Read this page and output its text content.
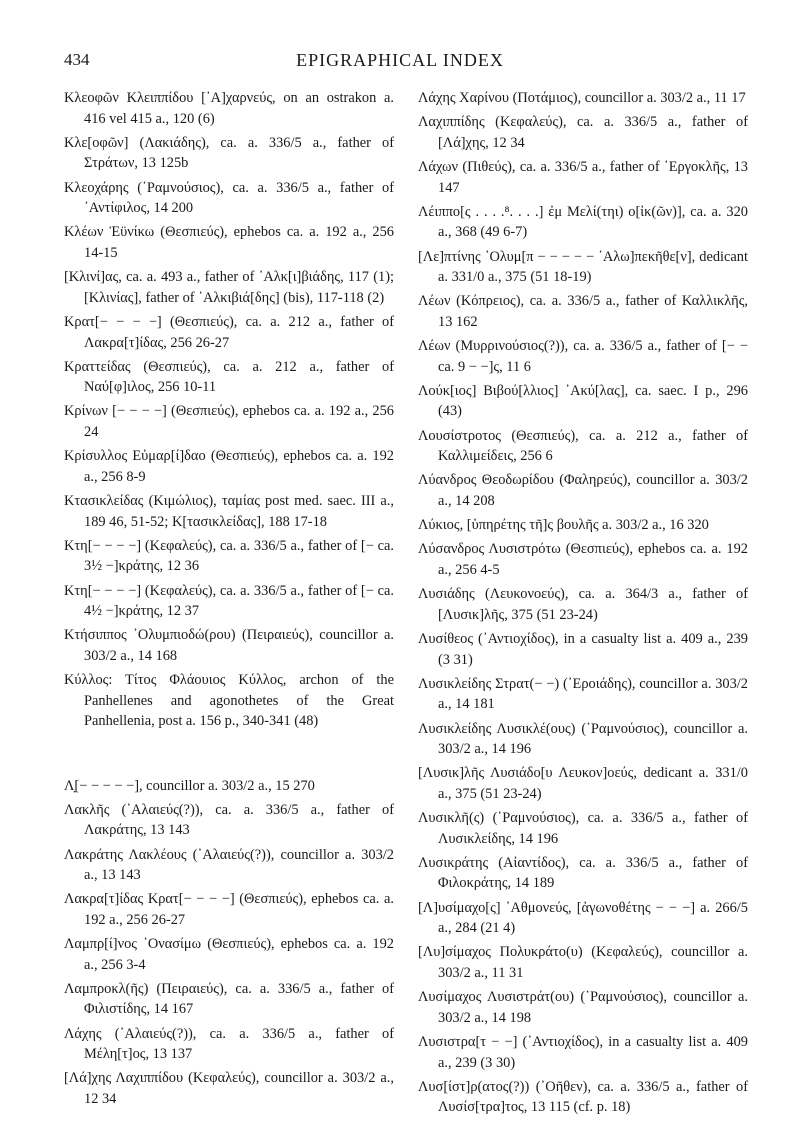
434	EPIGRAPHICAL INDEX
Κλεοφῶν Κλειππίδου [᾿Α]χαρνεύς, on an ostrakon a. 416 vel 415 a., 120 (6)
Κλε[οφῶν] (Λακιάδης), ca. a. 336/5 a., father of Στράτων, 13 125b
Κλεοχάρης (῾Ραμνούσιος), ca. a. 336/5 a., father of ᾿Αντίφιλος, 14 200
Κλέων Ἐϋνίκω (Θεσπιεύς), ephebos ca. a. 192 a., 256 14-15
[Κλινί]ας, ca. a. 493 a., father of ᾿Αλκ[ι]βιάδης, 117 (1); [Κλινίας], father of ᾿Αλκιβιά[δης] (bis), 117-118 (2)
Κρατ[− − − −] (Θεσπιεύς), ca. a. 212 a., father of Λακρα[τ]ίδας, 256 26-27
Κραττείδας (Θεσπιεύς), ca. a. 212 a., father of Ναύ[φ]ιλος, 256 10-11
Κρίνων [− − − −] (Θεσπιεύς), ephebos ca. a. 192 a., 256 24
Κρίσυλλος Εὐμαρ[ί]δαο (Θεσπιεύς), ephebos ca. a. 192 a., 256 8-9
Κτασικλείδας (Κιμώλιος), ταμίας post med. saec. III a., 189 46, 51-52; Κ[τασικλείδας], 188 17-18
Κτη[− − − −] (Κεφαλεύς), ca. a. 336/5 a., father of [− ca. 3½ −]κράτης, 12 36
Κτη[− − − −] (Κεφαλεύς), ca. a. 336/5 a., father of [− ca. 4½ −]κράτης, 12 37
Κτήσιππος ᾿Ολυμπιοδώ(ρου) (Πειραιεύς), councillor a. 303/2 a., 14 168
Κύλλος: Τίτος Φλάουιος Κύλλος, archon of the Panhellenes and agonothetes of the Great Panhellenia, post a. 156 p., 340-341 (48)
Λ̣[− − − − −], councillor a. 303/2 a., 15 270
Λακλῆς (᾿Αλαιεύς(?)), ca. a. 336/5 a., father of Λακράτης, 13 143
Λακράτης Λακλέους (᾿Αλαιεύς(?)), councillor a. 303/2 a., 13 143
Λακρα[τ]ίδας Κρατ[− − − −] (Θεσπιεύς), ephebos ca. a. 192 a., 256 26-27
Λαμπρ[ί]νος ᾿Ονασίμω (Θεσπιεύς), ephebos ca. a. 192 a., 256 3-4
Λαμπροκλ(ῆς) (Πειραιεύς), ca. a. 336/5 a., father of Φιλιστίδης, 14 167
Λάχης (᾿Αλαιεύς(?)), ca. a. 336/5 a., father of Μέλη[τ]ος, 13 137
[Λά]χης Λαχιππίδου (Κεφαλεύς), councillor a. 303/2 a., 12 34
Λάχης Χαρίνου (Ποτάμιος), councillor a. 303/2 a., 11 17
Λαχιππίδης (Κεφαλεύς), ca. a. 336/5 a., father of [Λά]χης, 12 34
Λάχων (Πιθεύς), ca. a. 336/5 a., father of ᾿Εργοκλῆς, 13 147
Λέιππο[ς . . . .⁸. . . .] ἐμ Μελί(τηι) ο[ἰκ(ῶν)], ca. a. 320 a., 368 (49 6-7)
[Λε]πτίνης ᾿Ολυμ[π − − − − − ᾿Αλω]πεκῆθε[ν], dedicant a. 331/0 a., 375 (51 18-19)
Λέων (Κόπρειος), ca. a. 336/5 a., father of Καλλικλῆς, 13 162
Λέων (Μυρρινούσιος(?)), ca. a. 336/5 a., father of [− − ca. 9 − −]ς, 11 6
Λούκ[ιος] Βιβού[λλιος] ᾿Ακύ[λας], ca. saec. I p., 296 (43)
Λουσίστροτος (Θεσπιεύς), ca. a. 212 a., father of Καλλιμείδεις, 256 6
Λύανδρος Θεοδωρίδου (Φαληρεύς), councillor a. 303/2 a., 14 208
Λύκιος, [ὑπηρέτης τῆ]ς βουλῆς a. 303/2 a., 16 320
Λύσανδρος Λυσιστρότω (Θεσπιεύς), ephebos ca. a. 192 a., 256 4-5
Λυσιάδης (Λευκονοεύς), ca. a. 364/3 a., father of [Λυσικ]λῆς, 375 (51 23-24)
Λυσίθεος (᾿Αντιοχίδος), in a casualty list a. 409 a., 239 (3 31)
Λυσικλείδης Στρατ(− −) (᾿Εροιάδης), councillor a. 303/2 a., 14 181
Λυσικλείδης Λυσικλέ(ους) (῾Ραμνούσιος), councillor a. 303/2 a., 14 196
[Λυσικ]λῆς Λυσιάδο[υ Λευκον]οεύς, dedicant a. 331/0 a., 375 (51 23-24)
Λυσικλῆ(ς) (῾Ραμνούσιος), ca. a. 336/5 a., father of Λυσικλείδης, 14 196
Λυσικράτης (Αἰαντίδος), ca. a. 336/5 a., father of Φιλοκράτης, 14 189
[Λ]υσίμαχο[ς] ᾿Αθμονεύς, [ἀγωνοθέτης − − −] a. 266/5 a., 284 (21 4)
[Λυ]σίμαχος Πολυκράτο(υ) (Κεφαλεύς), councillor a. 303/2 a., 11 31
Λυσίμαχος Λυσιστράτ(ου) (῾Ραμνούσιος), councillor a. 303/2 a., 14 198
Λυσιστρα[τ − −] (᾿Αντιοχίδος), in a casualty list a. 409 a., 239 (3 30)
Λυσ[ίστ]ρ(ατος(?)) (᾿Οῆθεν), ca. a. 336/5 a., father of Λυσίσ[τρα]τος, 13 115 (cf. p. 18)
